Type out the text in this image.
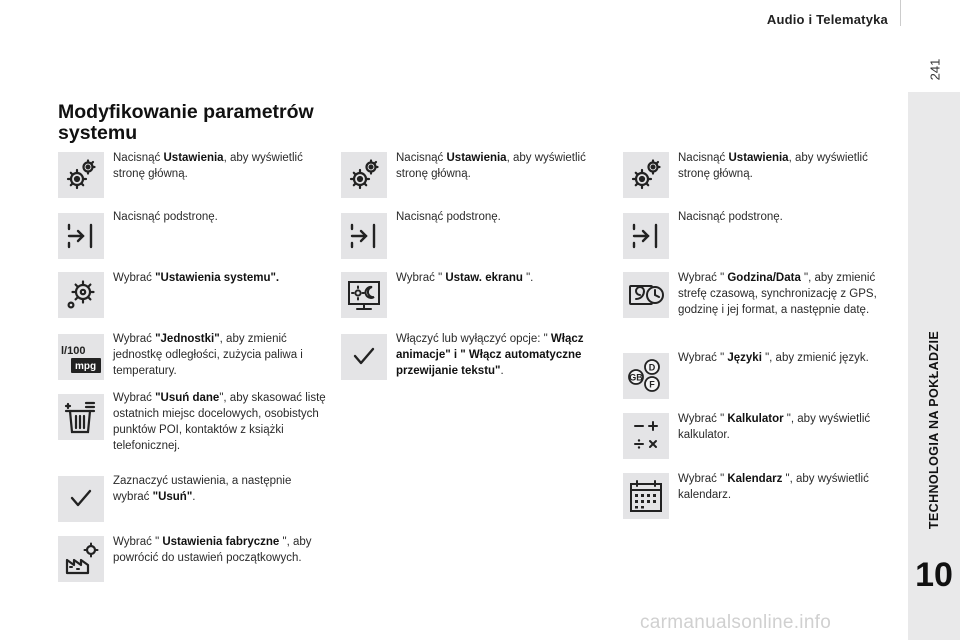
Audio i Telematyka
241
TECHNOLOGIA NA POKŁADZIE
10
Modyfikowanie parametrów
systemu
Nacisnąć Ustawienia, aby wyświetlić stronę główną.
Nacisnąć podstronę.
Wybrać "Ustawienia systemu".
l/100
mpg
Wybrać "Jednostki", aby zmienić jednostkę odległości, zużycia paliwa i temperatury.
Wybrać "Usuń dane", aby skasować listę ostatnich miejsc docelowych, osobistych punktów POI, kontaktów z książki telefonicznej.
Zaznaczyć ustawienia, a następnie wybrać "Usuń".
Wybrać " Ustawienia fabryczne ", aby powrócić do ustawień początkowych.
Nacisnąć Ustawienia, aby wyświetlić stronę główną.
Nacisnąć podstronę.
Wybrać " Ustaw. ekranu ".
Włączyć lub wyłączyć opcje: " Włącz animacje" i " Włącz automatyczne przewijanie tekstu".
Nacisnąć Ustawienia, aby wyświetlić stronę główną.
Nacisnąć podstronę.
Wybrać " Godzina/Data ", aby zmienić strefę czasową, synchronizację z GPS, godzinę i jej format, a następnie datę.
D
GB
F
Wybrać " Języki ", aby zmienić język.
Wybrać " Kalkulator ", aby wyświetlić kalkulator.
Wybrać " Kalendarz ", aby wyświetlić kalendarz.
carmanualsonline.info
